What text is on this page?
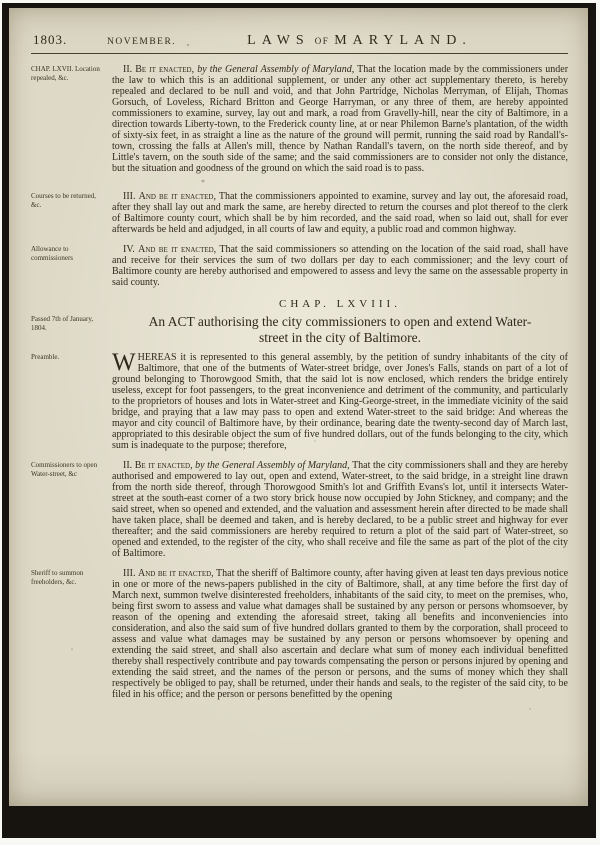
1803.	NOVEMBER.	LAWS OF MARYLAND.
CHAP. LXVII. Location repealed, &c.

II. Be it enacted, by the General Assembly of Maryland, That the location made by the commissioners under the law to which this is an additional supplement, or under any other act supplementary thereto, is hereby repealed and declared to be null and void, and that John Partridge, Nicholas Merryman, of Elijah, Thomas Gorsuch, of Loveless, Richard Britton and George Harryman, or any three of them, are hereby appointed commissioners to examine, survey, lay out and mark, a road from Gravelly-hill, near the city of Baltimore, in a direction towards Liberty-town, to the Frederick county line, at or near Philemon Barne's plantation, of the width of sixty-six feet, in as straight a line as the nature of the ground will permit, running the said road by Randall's-town, crossing the falls at Allen's mill, thence by Nathan Randall's tavern, on the north side thereof, and by Little's tavern, on the south side of the same; and the said commissioners are to consider not only the distance, but the situation and goodness of the ground on which the said road is to pass.

*
Courses to be returned, &c.

III. And be it enacted, That the commissioners appointed to examine, survey and lay out, the aforesaid road, after they shall lay out and mark the same, are hereby directed to return the courses and plot thereof to the clerk of Baltimore county court, which shall be by him recorded, and the said road, when so laid out, shall for ever afterwards be held and adjudged, in all courts of law and equity, a public road and common highway.

Allowance to commissioners

IV. And be it enacted, That the said commissioners so attending on the location of the said road, shall have and receive for their services the sum of two dollars per day to each commissioner; and the levy court of Baltimore county are hereby authorised and empowered to assess and levy the same on the assessable property in said county.

CHAP. LXVIII.
Passed 7th of January, 1804.	An ACT authorising the city commissioners to open and extend Water-street in the city of Baltimore.
Preamble.	WHEREAS it is represented to this general assembly, by the petition of sundry inhabitants of the city of Baltimore, that one of the butments of Water-street bridge, over Jones's Falls, stands on part of a lot of ground belonging to Thorowgood Smith, that the said lot is now enclosed, which renders the bridge entirely useless, except for foot passengers, to the great inconvenience and detriment of the community, and particularly to the proprietors of houses and lots in Water-street and King-George-street, in the immediate vicinity of the said bridge, and praying that a law may pass to open and extend Water-street to the said bridge: And whereas the mayor and city council of Baltimore have, by their ordinance, bearing date the twenty-second day of March last, appropriated to this desirable object the sum of five hundred dollars, out of the funds belonging to the city, which sum is inadequate to the purpose; therefore,

Commissioners to open Water-street, &c

II. Be it enacted, by the General Assembly of Maryland, That the city commissioners shall and they are hereby authorised and empowered to lay out, open and extend, Water-street, to the said bridge, in a streight line drawn from the north side thereof, through Thorowgood Smith's lot and Griffith Evans's lot, until it intersects Water-street at the south-east corner of a two story brick house now occupied by John Stickney, and company; and the said street, when so opened and extended, and the valuation and assessment herein after directed to be made shall have taken place, shall be deemed and taken, and is hereby declared, to be a public street and highway for ever thereafter; and the said commissioners are hereby required to return a plot of the said part of Water-street, so opened and extended, to the register of the city, who shall receive and file the same as part of the plot of the city of Baltimore.

Sheriff to summon freeholders, &c.

III. And be it enacted, That the sheriff of Baltimore county, after having given at least ten days previous notice in one or more of the news-papers published in the city of Baltimore, shall, at any time before the first day of March next, summon twelve disinterested freeholders, inhabitants of the said city, to meet on the premises, who, being first sworn to assess and value what damages shall be sustained by any person or persons whomsoever, by reason of the opening and extending the aforesaid street, taking all benefits and inconveniencies into consideration, and also the said sum of five hundred dollars granted to them by the corporation, shall proceed to assess and value what damages may be sustained by any person or persons whomsoever by opening and extending the said street, and shall also ascertain and declare what sum of money each individual benefitted thereby shall respectively contribute and pay towards compensating the person or persons injured by opening and extending the said street, and the names of the person or persons, and the sums of money which they shall respectively be obliged to pay, shall be returned, under their hands and seals, to the register of the said city, to be filed in his office; and the person or persons benefitted by the opening
